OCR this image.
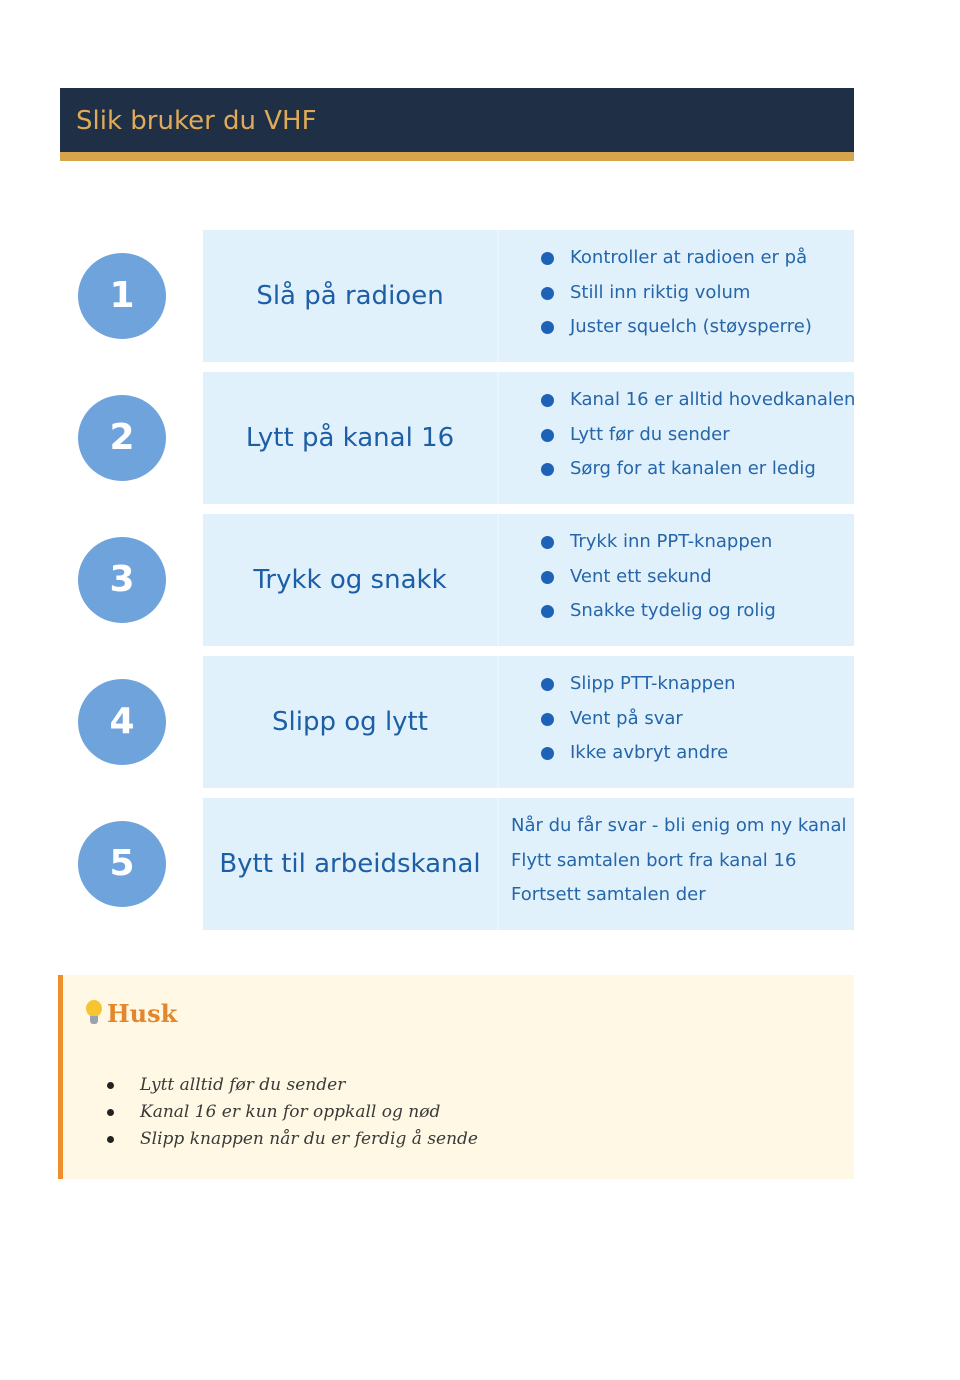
Slik bruker du VHF
1	Slå på radioen
Kontroller at radioen er på
Still inn riktig volum
Juster squelch (støysperre)
2	Lytt på kanal 16
Kanal 16 er alltid hovedkanalen
Lytt før du sender
Sørg for at kanalen er ledig
3	Trykk og snakk
Trykk inn PPT-knappen
Vent ett sekund
Snakke tydelig og rolig
4	Slipp og lytt
Slipp PTT-knappen
Vent på svar
Ikke avbryt andre
5	Bytt til arbeidskanal
Når du får svar - bli enig om ny kanal
Flytt samtalen bort fra kanal 16
Fortsett samtalen der
Husk
Lytt alltid før du sender
Kanal 16 er kun for oppkall og nød
Slipp knappen når du er ferdig å sende
